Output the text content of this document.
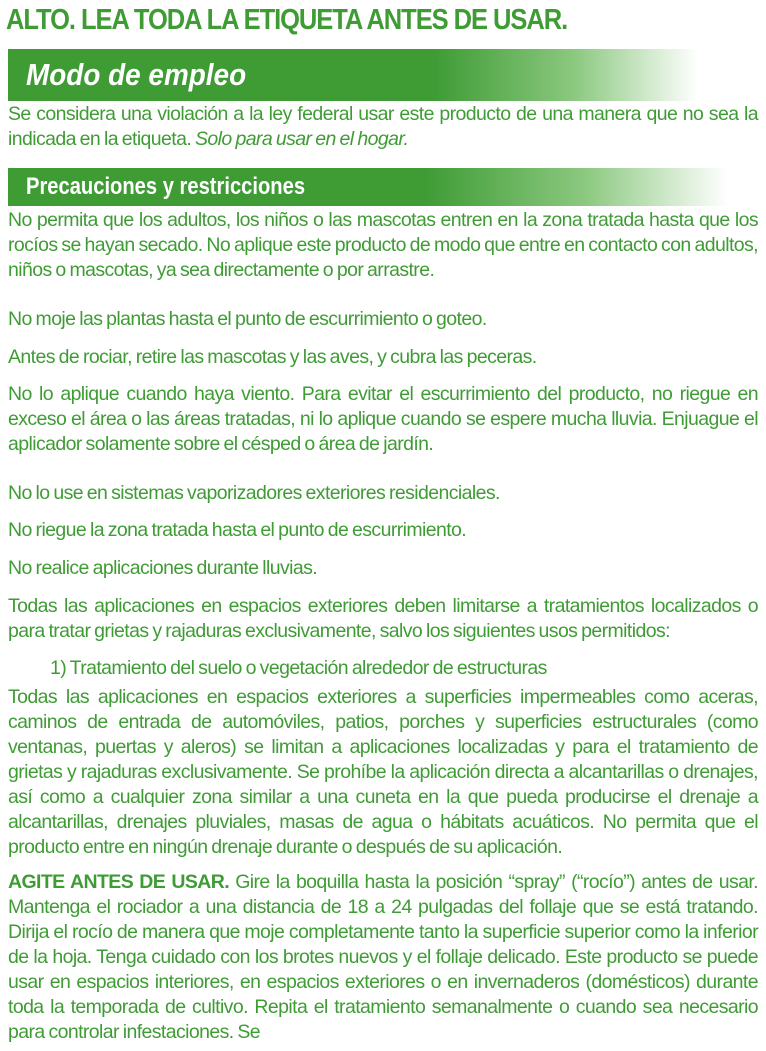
ALTO. LEA TODA LA ETIQUETA ANTES DE USAR.
Modo de empleo

Se considera una violación a la ley federal usar este producto de una manera que no sea la indicada en la etiqueta. Solo para usar en el hogar.

Precauciones y restricciones

No permita que los adultos, los niños o las mascotas entren en la zona tratada hasta que los rocíos se hayan secado. No aplique este producto de modo que entre en contacto con adultos, niños o mascotas, ya sea directamente o por arrastre.

No moje las plantas hasta el punto de escurrimiento o goteo.

Antes de rociar, retire las mascotas y las aves, y cubra las peceras.

No lo aplique cuando haya viento. Para evitar el escurrimiento del producto, no riegue en exceso el área o las áreas tratadas, ni lo aplique cuando se espere mucha lluvia. Enjuague el aplicador solamente sobre el césped o área de jardín.

No lo use en sistemas vaporizadores exteriores residenciales.

No riegue la zona tratada hasta el punto de escurrimiento.

No realice aplicaciones durante lluvias.

Todas las aplicaciones en espacios exteriores deben limitarse a tratamientos localizados o para tratar grietas y rajaduras exclusivamente, salvo los siguientes usos permitidos:

1) Tratamiento del suelo o vegetación alrededor de estructuras

Todas las aplicaciones en espacios exteriores a superficies impermeables como aceras, caminos de entrada de automóviles, patios, porches y superficies estructurales (como ventanas, puertas y aleros) se limitan a aplicaciones localizadas y para el tratamiento de grietas y rajaduras exclusivamente. Se prohíbe la aplicación directa a alcantarillas o drenajes, así como a cualquier zona similar a una cuneta en la que pueda producirse el drenaje a alcantarillas, drenajes pluviales, masas de agua o hábitats acuáticos. No permita que el producto entre en ningún drenaje durante o después de su aplicación.

AGITE ANTES DE USAR. Gire la boquilla hasta la posición “spray” (“rocío”) antes de usar. Mantenga el rociador a una distancia de 18 a 24 pulgadas del follaje que se está tratando. Dirija el rocío de manera que moje completamente tanto la superficie superior como la inferior de la hoja. Tenga cuidado con los brotes nuevos y el follaje delicado. Este producto se puede usar en espacios interiores, en espacios exteriores o en invernaderos (domésticos) durante toda la temporada de cultivo. Repita el tratamiento semanalmente o cuando sea necesario para controlar infestaciones. Se
